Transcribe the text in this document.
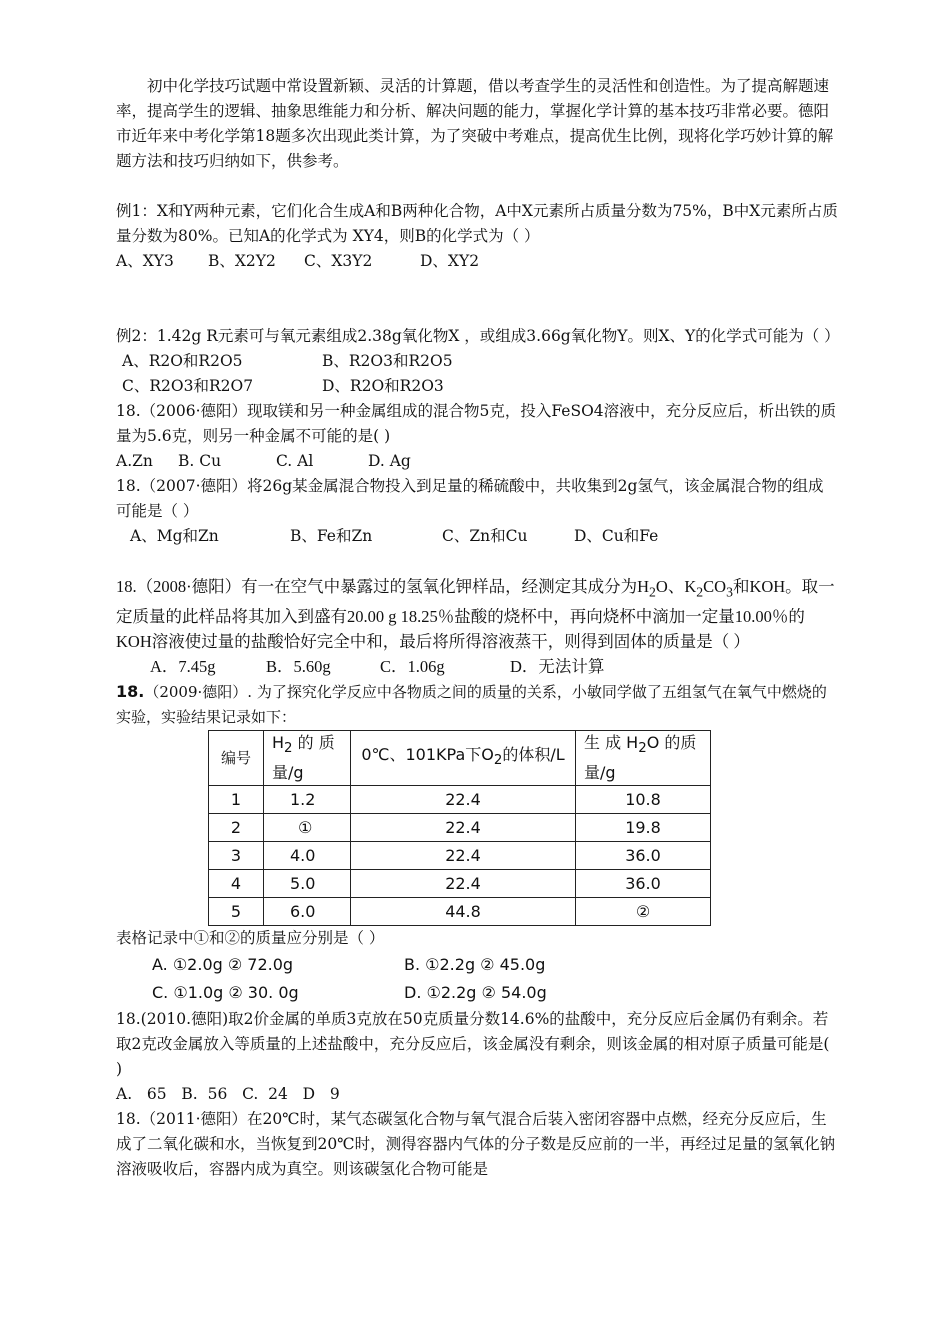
初中化学技巧试题中常设置新颖、灵活的计算题，借以考查学生的灵活性和创造性。为了提高解题速率，提高学生的逻辑、抽象思维能力和分析、解决问题的能力，掌握化学计算的基本技巧非常必要。德阳市近年来中考化学第18题多次出现此类计算，为了突破中考难点，提高优生比例，现将化学巧妙计算的解题方法和技巧归纳如下，供参考。

例1：X和Y两种元素，它们化合生成A和B两种化合物，A中X元素所占质量分数为75%，B中X元素所占质量分数为80%。已知A的化学式为 XY4，则B的化学式为（ ）

A、XY3 B、X2Y2 C、X3Y2	D、XY2

例2：1.42g R元素可与氧元素组成2.38g氧化物X ，或组成3.66g氧化物Y。则X、Y的化学式可能为（ ）

A、R2O和R2O5	B、R2O3和R2O5
C、R2O3和R2O7	D、R2O和R2O3

18.（2006·德阳）现取镁和另一种金属组成的混合物5克，投入FeSO4溶液中，充分反应后，析出铁的质量为5.6克，则另一种金属不可能的是( )

A.Zn B. Cu	C. Al	D. Ag

18.（2007·德阳）将26g某金属混合物投入到足量的稀硫酸中，共收集到2g氢气，该金属混合物的组成可能是（ ）

A、Mg和Zn	B、Fe和Zn	C、Zn和Cu	D、Cu和Fe

18.（2008·德阳）有一在空气中暴露过的氢氧化钾样品，经测定其成分为$H_2O$、$K_2CO_3$和KOH。取一定质量的此样品将其加入到盛有20.00 g 18.25％盐酸的烧杯中，再向烧杯中滴加一定量10.00％的KOH溶液使过量的盐酸恰好完全中和，最后将所得溶液蒸干，则得到固体的质量是（ ）

A．7.45g	B．5.60g	C．1.06g	D．无法计算

18.（2009·德阳）. 为了探究化学反应中各物质之间的质量的关系，小敏同学做了五组氢气在氧气中燃烧的实验，实验结果记录如下：

编号	$H_2$ 的 质量/g	0℃、101KPa下$O_2$的体积/L	生 成 $H_2O$ 的质量/g
1	1.2	22.4	10.8
2	①	22.4	19.8
3	4.0	22.4	36.0
4	5.0	22.4	36.0
5	6.0	44.8	②

表格记录中①和②的质量应分别是（ ）

A. ①2.0g ② 72.0g	B. ①2.2g ② 45.0g
C. ①1.0g ② 30. 0g	D. ①2.2g ② 54.0g

18.(2010.德阳)取2价金属的单质3克放在50克质量分数14.6%的盐酸中，充分反应后金属仍有剩余。若取2克改金属放入等质量的上述盐酸中，充分反应后，该金属没有剩余，则该金属的相对原子质量可能是( )

A.   65   B.  56   C.  24   D   9

18.（2011·德阳）在20℃时，某气态碳氢化合物与氧气混合后装入密闭容器中点燃，经充分反应后，生成了二氧化碳和水，当恢复到20℃时，测得容器内气体的分子数是反应前的一半，再经过足量的氢氧化钠溶液吸收后，容器内成为真空。则该碳氢化合物可能是
